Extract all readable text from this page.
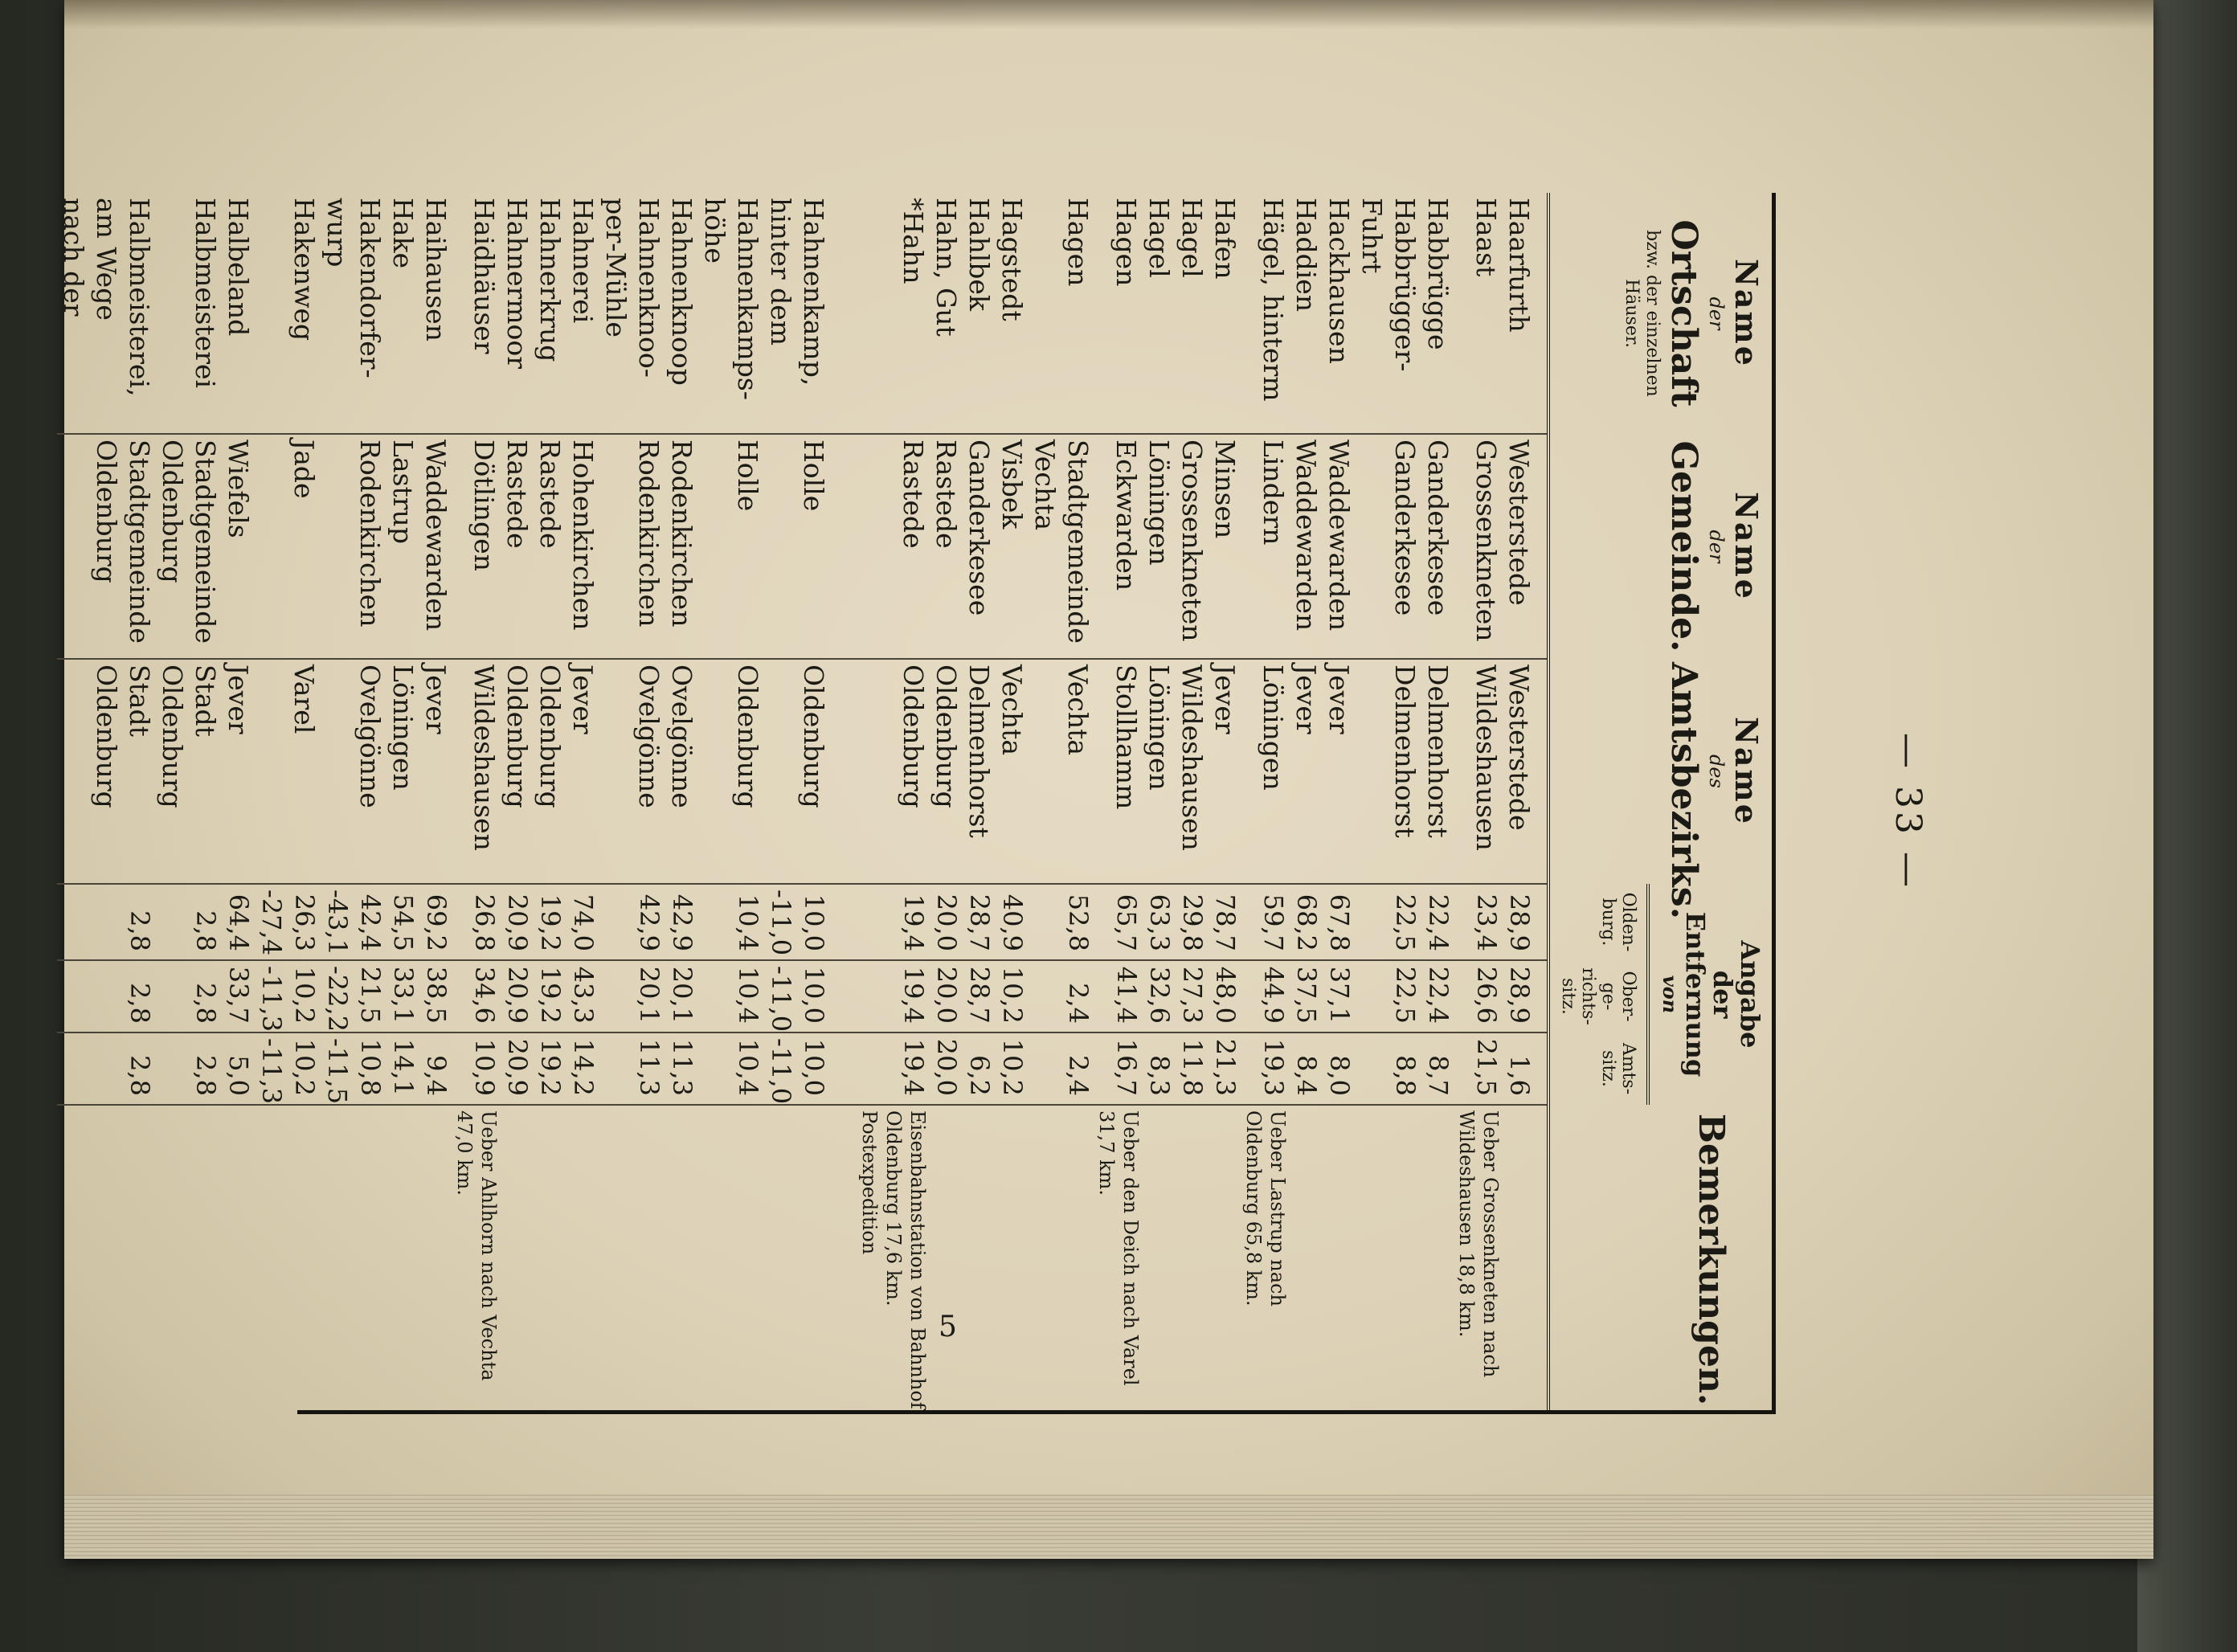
— 33 —
Name
der
Ortschaft
bzw. der einzelnen Häuser.	Name
der
Gemeinde.	Name
des
Amtsbezirks.	Angabe
der Entfernung
von			Bemerkungen.

			Olden-burg.	Ober-ge-richts-sitz.	Amts-sitz.	
Haarfurth	Westerstede	Westerstede	28,9	28,9	1,6	
Haast	Grossenkneten	Wildeshausen	23,4	26,6	21,5	Ueber Grossenkneten nach Wildeshausen 18,8 km.
Habbrügge	Ganderkesee	Delmenhorst	22,4	22,4	8,7	
Habbrügger-	Ganderkesee	Delmenhorst	22,5	22,5	8,8	
Fuhrt						
Hackhausen	Waddewarden	Jever	67,8	37,1	8,0	
Haddien	Waddewarden	Jever	68,2	37,5	8,4	
Hägel, hinterm	Lindern	Löningen	59,7	44,9	19,3	Ueber Lastrup nach Oldenburg 65,8 km.
Hafen	Minsen	Jever	78,7	48,0	21,3	
Hagel	Grossenkneten	Wildeshausen	29,8	27,3	11,8	
Hagel	Löningen	Löningen	63,3	32,6	8,3	
Hagen	Eckwarden	Stollhamm	65,7	41,4	16,7	Ueber den Deich nach Varel 31,7 km.
Hagen	Stadtgemeinde	Vechta	52,8	2,4	2,4	
	Vechta					
Hagstedt	Visbek	Vechta	40,9	10,2	10,2	
Hahlbek	Ganderkesee	Delmenhorst	28,7	28,7	6,2	
Hahn, Gut	Rastede	Oldenburg	20,0	20,0	20,0	
*Hahn	Rastede	Oldenburg	19,4	19,4	19,4	Eisenbahnstation von Bahnhof Oldenburg 17,6 km. Postexpedition

Hahnenkamp,	Holle	Oldenburg	10,0	10,0	10,0	
hinter dem			-11,0	-11,0	-11,0	
Hahnenkamps-	Holle	Oldenburg	10,4	10,4	10,4	
höhe						
Hahnenknoop	Rodenkirchen	Ovelgönne	42,9	20,1	11,3	
Hahnenknoo-	Rodenkirchen	Ovelgönne	42,9	20,1	11,3	
per-Mühle						
Hahnerei	Hohenkirchen	Jever	74,0	43,3	14,2	
Hahnerkrug	Rastede	Oldenburg	19,2	19,2	19,2	
Hahnermoor	Rastede	Oldenburg	20,9	20,9	20,9	
Haidhäuser	Dötlingen	Wildeshausen	26,8	34,6	10,9	Ueber Ahlhorn nach Vechta 47,0 km.
Haihausen	Waddewarden	Jever	69,2	38,5	9,4	
Hake	Lastrup	Löningen	54,5	33,1	14,1	
Hakendorfer-	Rodenkirchen	Ovelgönne	42,4	21,5	10,8	
wurp			-43,1	-22,2	-11,5	
Hakenweg	Jade	Varel	26,3	10,2	10,2	
			-27,4	-11,3	-11,3	
Halbeland	Wiefels	Jever	64,4	33,7	5,0	
Halbmeisterei	Stadtgemeinde	Stadt	2,8	2,8	2,8	
	Oldenburg	Oldenburg				
Halbmeisterei,	Stadtgemeinde	Stadt	2,8	2,8	2,8	
am Wege	Oldenburg	Oldenburg				
nach der						
5
